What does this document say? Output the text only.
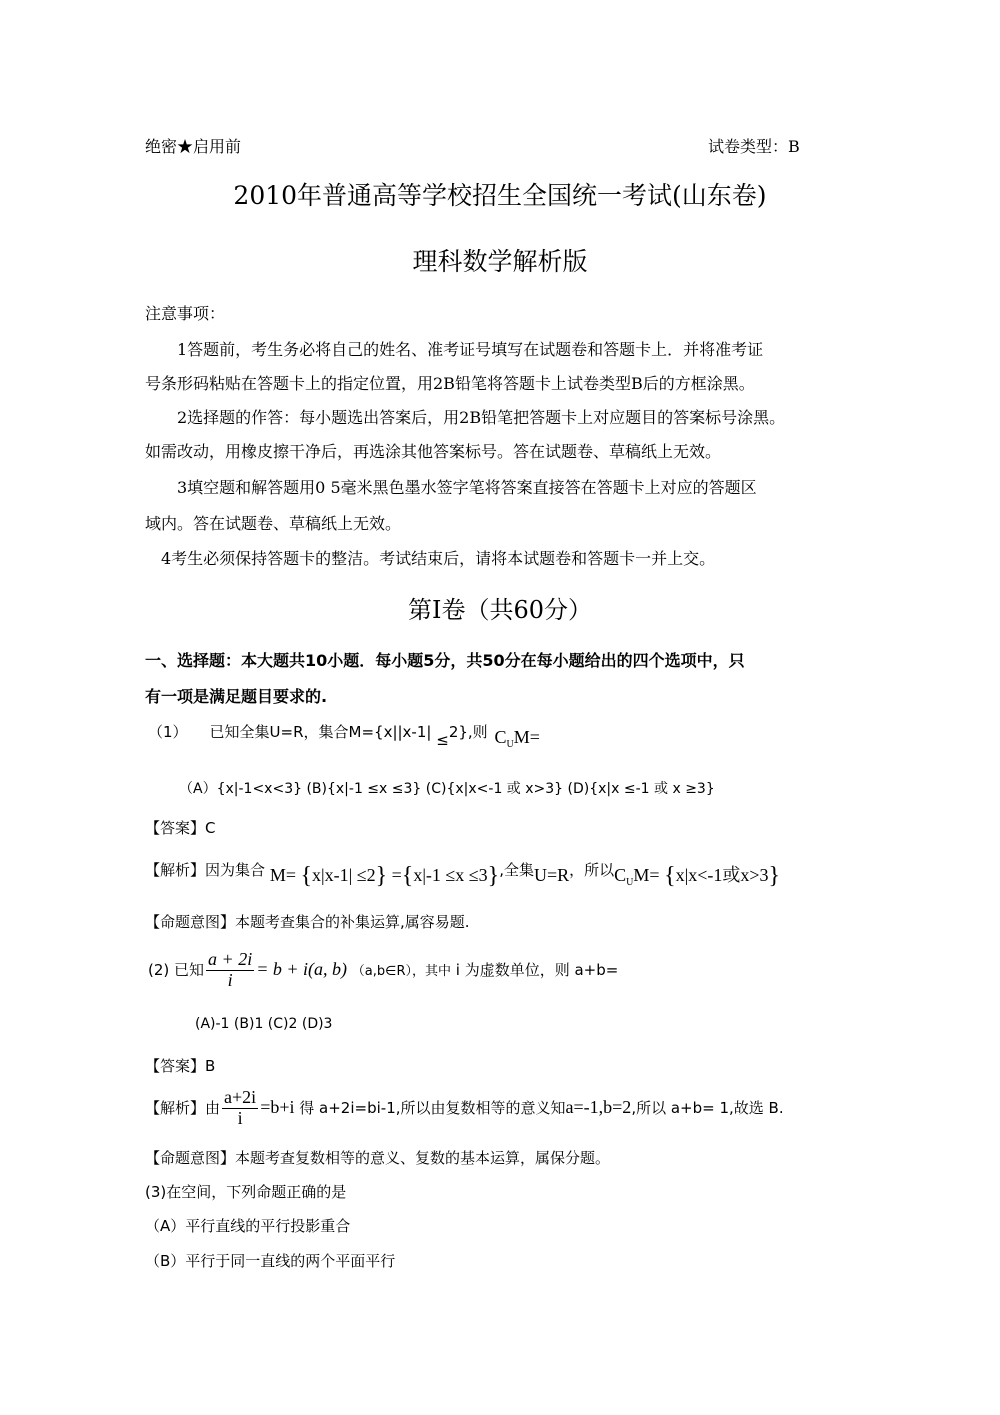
绝密★启用前	试卷类型：B
2010年普通高等学校招生全国统一考试(山东卷)
理科数学解析版
注意事项：
1答题前，考生务必将自己的姓名、准考证号填写在试题卷和答题卡上．并将准考证
号条形码粘贴在答题卡上的指定位置，用2B铅笔将答题卡上试卷类型B后的方框涂黑。
2选择题的作答：每小题选出答案后，用2B铅笔把答题卡上对应题目的答案标号涂黑。
如需改动，用橡皮擦干净后，再选涂其他答案标号。答在试题卷、草稿纸上无效。
3填空题和解答题用0 5毫米黑色墨水签字笔将答案直接答在答题卡上对应的答题区
域内。答在试题卷、草稿纸上无效。
4考生必须保持答题卡的整洁。考试结束后，请将本试题卷和答题卡一并上交。
第Ⅰ卷（共60分）
一、选择题：本大题共10小题．每小题5分，共50分在每小题给出的四个选项中，只
有一项是满足题目要求的.
（1） 已知全集U=R，集合M={x||x-1| ≤2},则 $C_UM=$
（A）{x|-1<x<3} (B){x|-1 ≤x ≤3} (C){x|x<-1 或 x>3} (D){x|x ≤-1 或 x ≥3}
【答案】C
【解析】因为集合 M= {x|x-1| ≤2} ={x|-1 ≤x ≤3},全集U=R，所以$C_UM= \{x|x<-1$或x>3}
【命题意图】本题考查集合的补集运算,属容易题.
(2) 已知 $\frac{a + 2i}{i} = b + i(a$, b) （a,b∈R），其中 i 为虚数单位，则 a+b=
(A)-1 (B)1 (C)2 (D)3
【答案】B
【解析】由 $\frac{a+2i}{i} =b+i$ 得 a+2i=bi-1,所以由复数相等的意义知a=-1,b=2,所以 a+b= 1,故选 B.
【命题意图】本题考查复数相等的意义、复数的基本运算，属保分题。
(3)在空间，下列命题正确的是
（A）平行直线的平行投影重合
（B）平行于同一直线的两个平面平行
